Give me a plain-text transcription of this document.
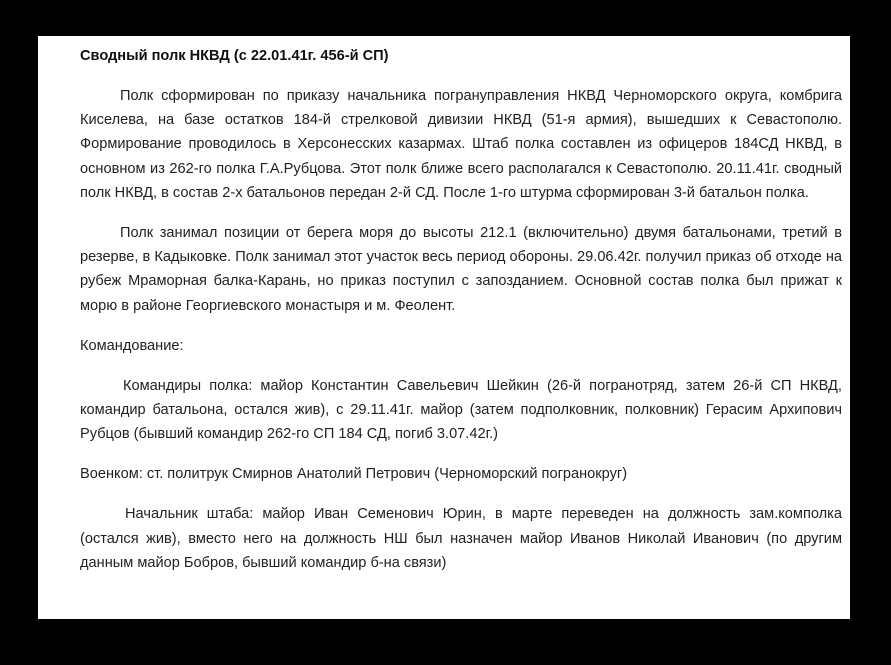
Сводный полк НКВД (с 22.01.41г. 456-й СП)

Полк сформирован по приказу начальника погрануправления НКВД Черноморского округа, комбрига Киселева, на базе остатков 184-й стрелковой дивизии НКВД (51-я армия), вышедших к Севастополю. Формирование проводилось в Херсонесских казармах. Штаб полка составлен из офицеров 184СД НКВД, в основном из 262-го полка Г.А.Рубцова. Этот полк ближе всего располагался к Севастополю. 20.11.41г. сводный полк НКВД, в состав 2-х батальонов передан 2-й СД. После 1-го штурма сформирован 3-й батальон полка.

Полк занимал позиции от берега моря до высоты 212.1 (включительно) двумя батальонами, третий в резерве, в Кадыковке. Полк занимал этот участок весь период обороны. 29.06.42г. получил приказ об отходе на рубеж Мраморная балка-Карань, но приказ поступил с запозданием. Основной состав полка был прижат к морю в районе Георгиевского монастыря и м. Феолент.

Командование:

Командиры полка: майор Константин Савельевич Шейкин (26-й погранотряд, затем 26-й СП НКВД, командир батальона, остался жив), с 29.11.41г. майор (затем подполковник, полковник) Герасим Архипович Рубцов (бывший командир 262-го СП 184 СД, погиб 3.07.42г.)

Военком: ст. политрук Смирнов Анатолий Петрович (Черноморский погранокруг)

Начальник штаба: майор Иван Семенович Юрин, в марте переведен на должность зам.комполка (остался жив), вместо него на должность НШ был назначен майор Иванов Николай Иванович (по другим данным майор Бобров, бывший командир б-на связи)
